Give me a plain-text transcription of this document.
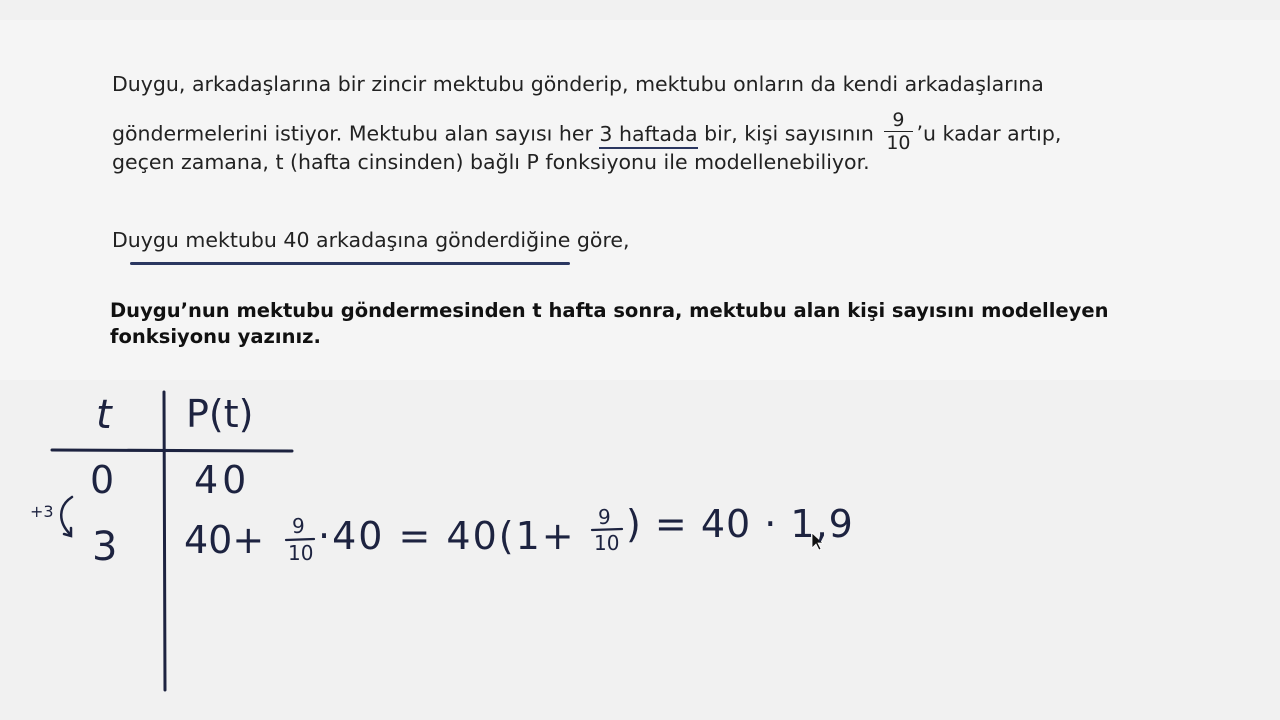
Duygu, arkadaşlarına bir zincir mektubu gönderip, mektubu onların da kendi arkadaşlarına
göndermelerini istiyor. Mektubu alan sayısı her 3 haftada bir, kişi sayısının $\frac{9}{10}$ ’u kadar artıp,
geçen zamana, t (hafta cinsinden) bağlı P fonksiyonu ile modellenebiliyor.
Duygu mektubu 40 arkadaşına gönderdiğine göre,
Duygu’nun mektubu göndermesinden t hafta sonra, mektubu alan kişi sayısını modelleyen
fonksiyonu yazınız.
t P(t)
0 40
+3
3 40+ 9
10 ·40 = 40(1+ 9
10 ) = 40 · 1,9
